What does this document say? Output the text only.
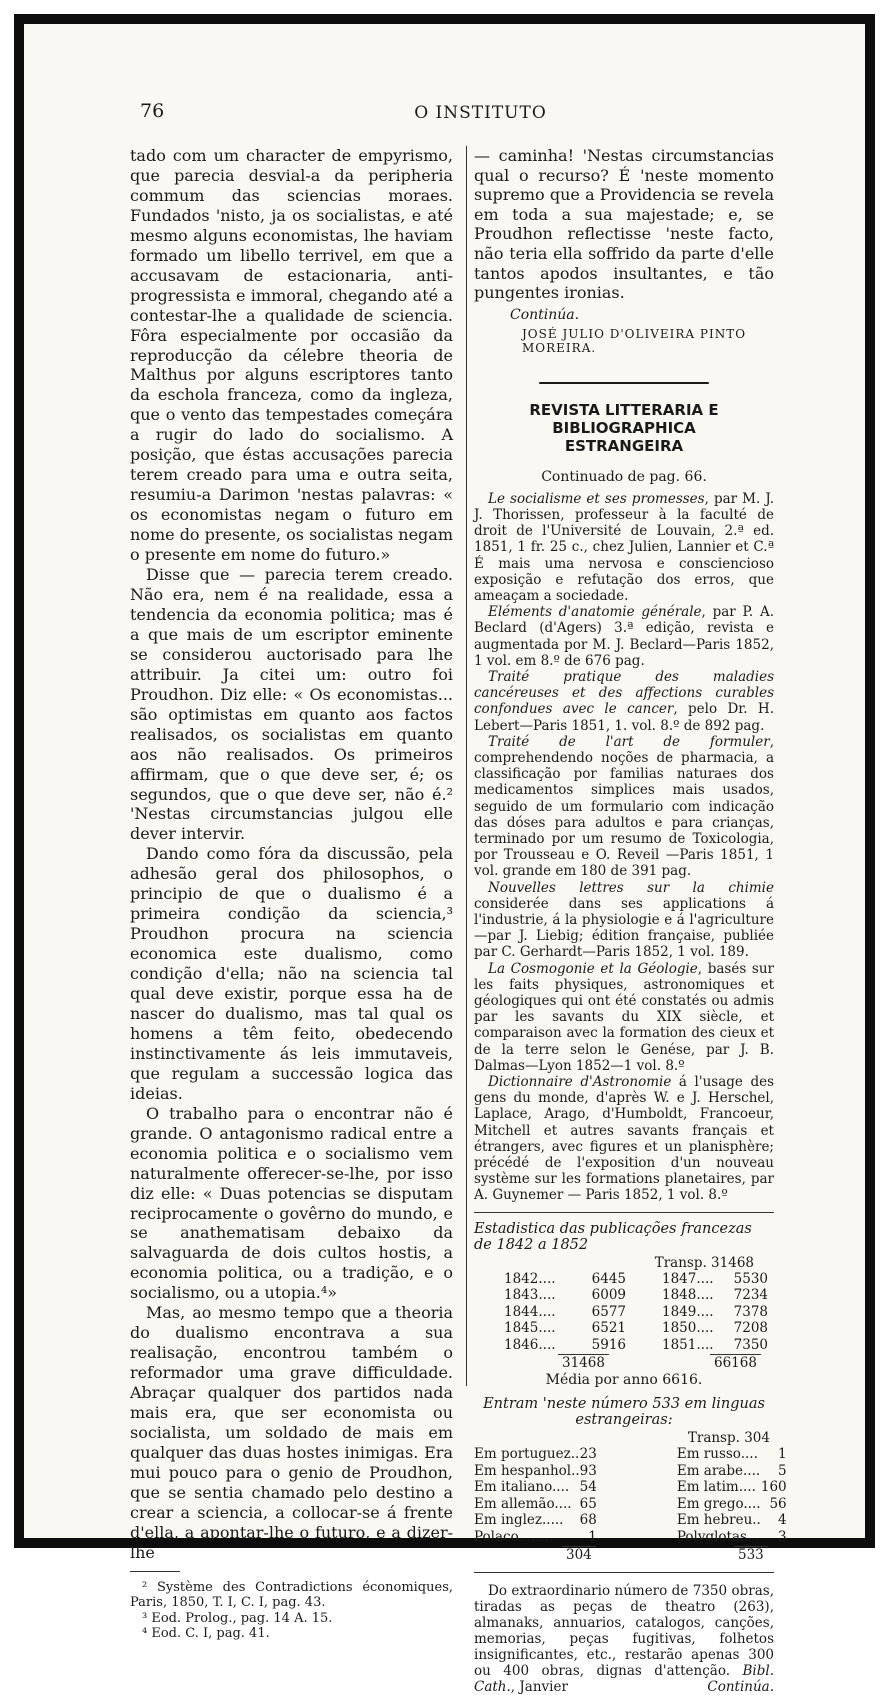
76	O INSTITUTO

tado com um character de empyrismo, que parecia desvial-a da peripheria commum das sciencias moraes. Fundados 'nisto, ja os socialistas, e até mesmo alguns economistas, lhe haviam formado um libello terrivel, em que a accusavam de estacionaria, anti-progressista e immoral, chegando até a contestar-lhe a qualidade de sciencia. Fôra especialmente por occasião da reproducção da célebre theoria de Malthus por alguns escriptores tanto da eschola franceza, como da ingleza, que o vento das tempestades começára a rugir do lado do socialismo. A posição, que éstas accusações parecia terem creado para uma e outra seita, resumiu-a Darimon 'nestas palavras: « os economistas negam o futuro em nome do presente, os socialistas negam o presente em nome do futuro.»

Disse que — parecia terem creado. Não era, nem é na realidade, essa a tendencia da economia politica; mas é a que mais de um escriptor eminente se considerou auctorisado para lhe attribuir. Ja citei um: outro foi Proudhon. Diz elle: « Os economistas... são optimistas em quanto aos factos realisados, os socialistas em quanto aos não realisados. Os primeiros affirmam, que o que deve ser, é; os segundos, que o que deve ser, não é.² 'Nestas circumstancias julgou elle dever intervir.

Dando como fóra da discussão, pela adhesão geral dos philosophos, o principio de que o dualismo é a primeira condição da sciencia,³ Proudhon procura na sciencia economica este dualismo, como condição d'ella; não na sciencia tal qual deve existir, porque essa ha de nascer do dualismo, mas tal qual os homens a têm feito, obedecendo instinctivamente ás leis immutaveis, que regulam a successão logica das ideias.

O trabalho para o encontrar não é grande. O antagonismo radical entre a economia politica e o socialismo vem naturalmente offerecer-se-lhe, por isso diz elle: « Duas potencias se disputam reciprocamente o govêrno do mundo, e se anathematisam debaixo da salvaguarda de dois cultos hostis, a economia politica, ou a tradição, e o socialismo, ou a utopia.⁴»

Mas, ao mesmo tempo que a theoria do dualismo encontrava a sua realisação, encontrou também o reformador uma grave difficuldade. Abraçar qualquer dos partidos nada mais era, que ser economista ou socialista, um soldado de mais em qualquer das duas hostes inimigas. Era mui pouco para o genio de Proudhon, que se sentia chamado pelo destino a crear a sciencia, a collocar-se á frente d'ella, a apontar-lhe o futuro, e a dizer-lhe

² Système des Contradictions économiques, Paris, 1850, T. I, C. I, pag. 43.

³ Eod. Prolog., pag. 14 A. 15.

⁴ Eod. C. I, pag. 41.

— caminha! 'Nestas circumstancias qual o recurso? É 'neste momento supremo que a Providencia se revela em toda a sua majestade; e, se Proudhon reflectisse 'neste facto, não teria ella soffrido da parte d'elle tantos apodos insultantes, e tão pungentes ironias.

Continúa.
JOSÉ JULIO D'OLIVEIRA PINTO MOREIRA.

REVISTA LITTERARIA E BIBLIOGRAPHICA
ESTRANGEIRA

Continuado de pag. 66.

Le socialisme et ses promesses, par M. J. J. Thorissen, professeur à la faculté de droit de l'Université de Louvain, 2.ª ed. 1851, 1 fr. 25 c., chez Julien, Lannier et C.ª É mais uma nervosa e consciencioso exposição e refutação dos erros, que ameaçam a sociedade.

Eléments d'anatomie générale, par P. A. Beclard (d'Agers) 3.ª edição, revista e augmentada por M. J. Beclard—Paris 1852, 1 vol. em 8.º de 676 pag.

Traité pratique des maladies cancéreuses et des affections curables confondues avec le cancer, pelo Dr. H. Lebert—Paris 1851, 1. vol. 8.º de 892 pag.

Traité de l'art de formuler, comprehendendo noções de pharmacia, a classificação por familias naturaes dos medicamentos simplices mais usados, seguido de um formulario com indicação das dóses para adultos e para crianças, terminado por um resumo de Toxicologia, por Trousseau e O. Reveil —Paris 1851, 1 vol. grande em 180 de 391 pag.

Nouvelles lettres sur la chimie considerée dans ses applications á l'industrie, á la physiologie e á l'agriculture —par J. Liebig; édition française, publiée par C. Gerhardt—Paris 1852, 1 vol. 189.

La Cosmogonie et la Géologie, basés sur les faits physiques, astronomiques et géologiques qui ont été constatés ou admis par les savants du XIX siècle, et comparaison avec la formation des cieux et de la terre selon le Genése, par J. B. Dalmas—Lyon 1852—1 vol. 8.º

Dictionnaire d'Astronomie á l'usage des gens du monde, d'après W. e J. Herschel, Laplace, Arago, d'Humboldt, Francoeur, Mitchell et autres savants français et étrangers, avec figures et un planisphère; précédé de l'exposition d'un nouveau système sur les formations planetaires, par A. Guynemer — Paris 1852, 1 vol. 8.º

Estadistica das publicações francezas de 1842 a 1852

Transp. 31468

1842....	6445	1847....	5530
1843....	6009	1848....	7234
1844....	6577	1849....	7378
1845....	6521	1850....	7208
1846....	5916	1851....	7350
31468	66168
Média por anno 6616.

Entram 'neste número 533 em linguas estrangeiras:

Transp. 304

Em portuguez..	23	Em russo....	1
Em hespanhol..	93	Em arabe....	5
Em italiano....	54	Em latim....	160
Em allemão....	65	Em grego....	56
Em inglez.....	68	Em hebreu..	4
Polaco........	1	Polyglotas...	3
304	533

Do extraordinario número de 7350 obras, tiradas as peças de theatro (263), almanaks, annuarios, catalogos, canções, memorias, peças fugitivas, folhetos insignificantes, etc., restarão apenas 300 ou 400 obras, dignas d'attenção. Bibl. Cath., Janvier	Continúa.
